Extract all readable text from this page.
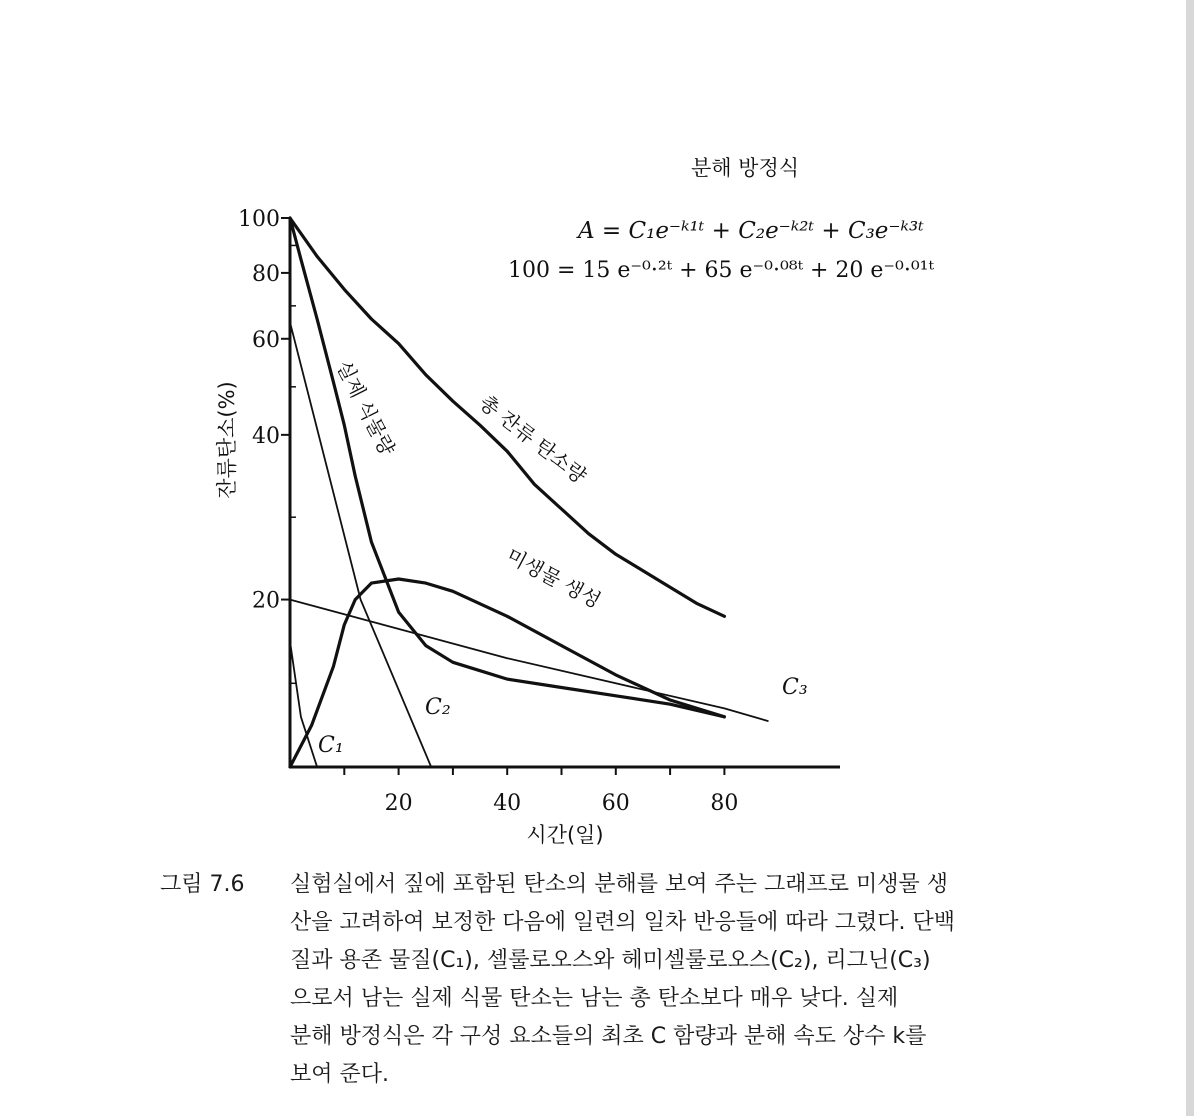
20
40
60
80
100
20	40	60	80
시간(일)
잔류탄소(%)
분해 방정식
A = C₁e⁻ᵏ¹ᵗ + C₂e⁻ᵏ²ᵗ + C₃e⁻ᵏ³ᵗ
100 = 15 e⁻⁰·²ᵗ + 65 e⁻⁰·⁰⁸ᵗ + 20 e⁻⁰·⁰¹ᵗ
총 잔류 탄소량
실제 식물량
미생물 생성
C₁
C₂
C₃
그림 7.6 실험실에서 짚에 포함된 탄소의 분해를 보여 주는 그래프로 미생물 생
산을 고려하여 보정한 다음에 일련의 일차 반응들에 따라 그렸다. 단백
질과 용존 물질(C₁), 셀룰로오스와 헤미셀룰로오스(C₂), 리그닌(C₃)
으로서 남는 실제 식물 탄소는 남는 총 탄소보다 매우 낮다. 실제
분해 방정식은 각 구성 요소들의 최초 C 함량과 분해 속도 상수 k를
보여 준다.
